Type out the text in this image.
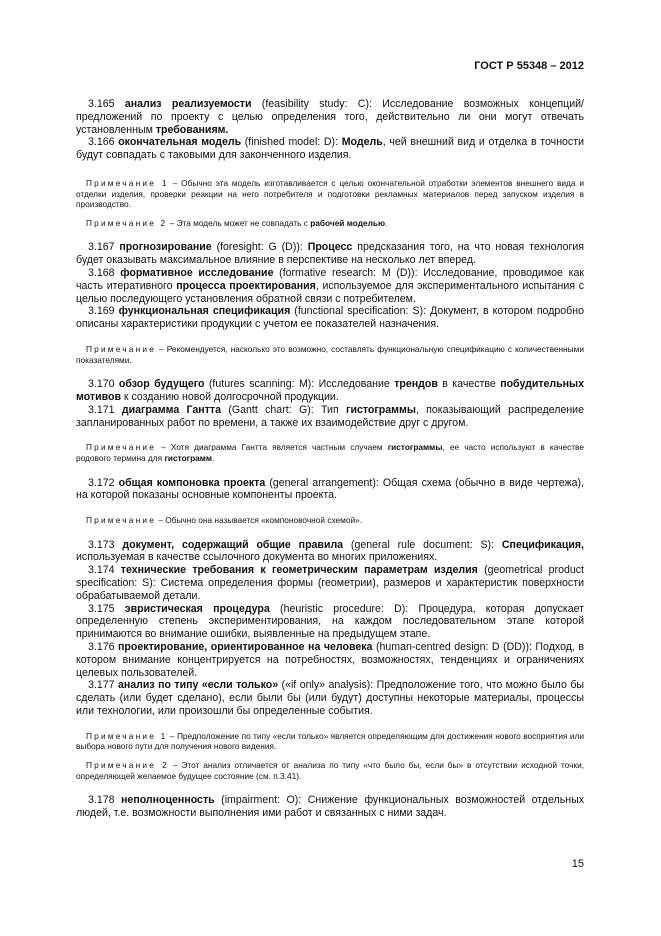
ГОСТ Р 55348 – 2012

3.165 анализ реализуемости (feasibility study: C): Исследование возможных концепций/предложений по проекту с целью определения того, действительно ли они могут отвечать установленным требованиям.

3.166 окончательная модель (finished model: D): Модель, чей внешний вид и отделка в точности будут совпадать с таковыми для законченного изделия.

Примечание 1 – Обычно эта модель изготавливается с целью окончательной отработки элементов внешнего вида и отделки изделия, проверки реакции на него потребителя и подготовки рекламных материалов перед запуском изделия в производство.

Примечание 2 – Эта модель может не совпадать с рабочей моделью.

3.167 прогнозирование (foresight: G (D)): Процесс предсказания того, на что новая технология будет оказывать максимальное влияние в перспективе на несколько лет вперед.

3.168 формативное исследование (formative research: M (D)): Исследование, проводимое как часть итеративного процесса проектирования, используемое для экспериментального испытания с целью последующего установления обратной связи с потребителем.

3.169 функциональная спецификация (functional specification: S): Документ, в котором подробно описаны характеристики продукции с учетом ее показателей назначения.

Примечание – Рекомендуется, насколько это возможно, составлять функциональную спецификацию с количественными показателями.

3.170 обзор будущего (futures scanning: M): Исследование трендов в качестве побудительных мотивов к созданию новой долгосрочной продукции.

3.171 диаграмма Гантта (Gantt chart: G): Тип гистограммы, показывающий распределение запланированных работ по времени, а также их взаимодействие друг с другом.

Примечание – Хотя диаграмма Гантта является частным случаем гистограммы, ее часто используют в качестве родового термина для гистограмм.

3.172 общая компоновка проекта (general arrangement): Общая схема (обычно в виде чертежа), на которой показаны основные компоненты проекта.

Примечание – Обычно она называется «компоновочной схемой».

3.173 документ, содержащий общие правила (general rule document: S): Спецификация, используемая в качестве ссылочного документа во многих приложениях.

3.174 технические требования к геометрическим параметрам изделия (geometrical product specification: S): Система определения формы (геометрии), размеров и характеристик поверхности обрабатываемой детали.

3.175 эвристическая процедура (heuristic procedure: D): Процедура, которая допускает определенную степень экспериментирования, на каждом последовательном этапе которой принимаются во внимание ошибки, выявленные на предыдущем этапе.

3.176 проектирование, ориентированное на человека (human-centred design: D (DD)): Подход, в котором внимание концентрируется на потребностях, возможностях, тенденциях и ограничениях целевых пользователей.

3.177 анализ по типу «если только» («if only» analysis): Предположение того, что можно было бы сделать (или будет сделано), если были бы (или будут) доступны некоторые материалы, процессы или технологии, или произошли бы определенные события.

Примечание 1 – Предположение по типу «если только» является определяющим для достижения нового восприятия или выбора нового пути для получения нового видения.

Примечание 2 – Этот анализ отличается от анализа по типу «что было бы, если бы» в отсутствии исходной точки, определяющей желаемое будущее состояние (см. п.3.41).

3.178 неполноценность (impairment: O): Снижение функциональных возможностей отдельных людей, т.е. возможности выполнения ими работ и связанных с ними задач.

15
